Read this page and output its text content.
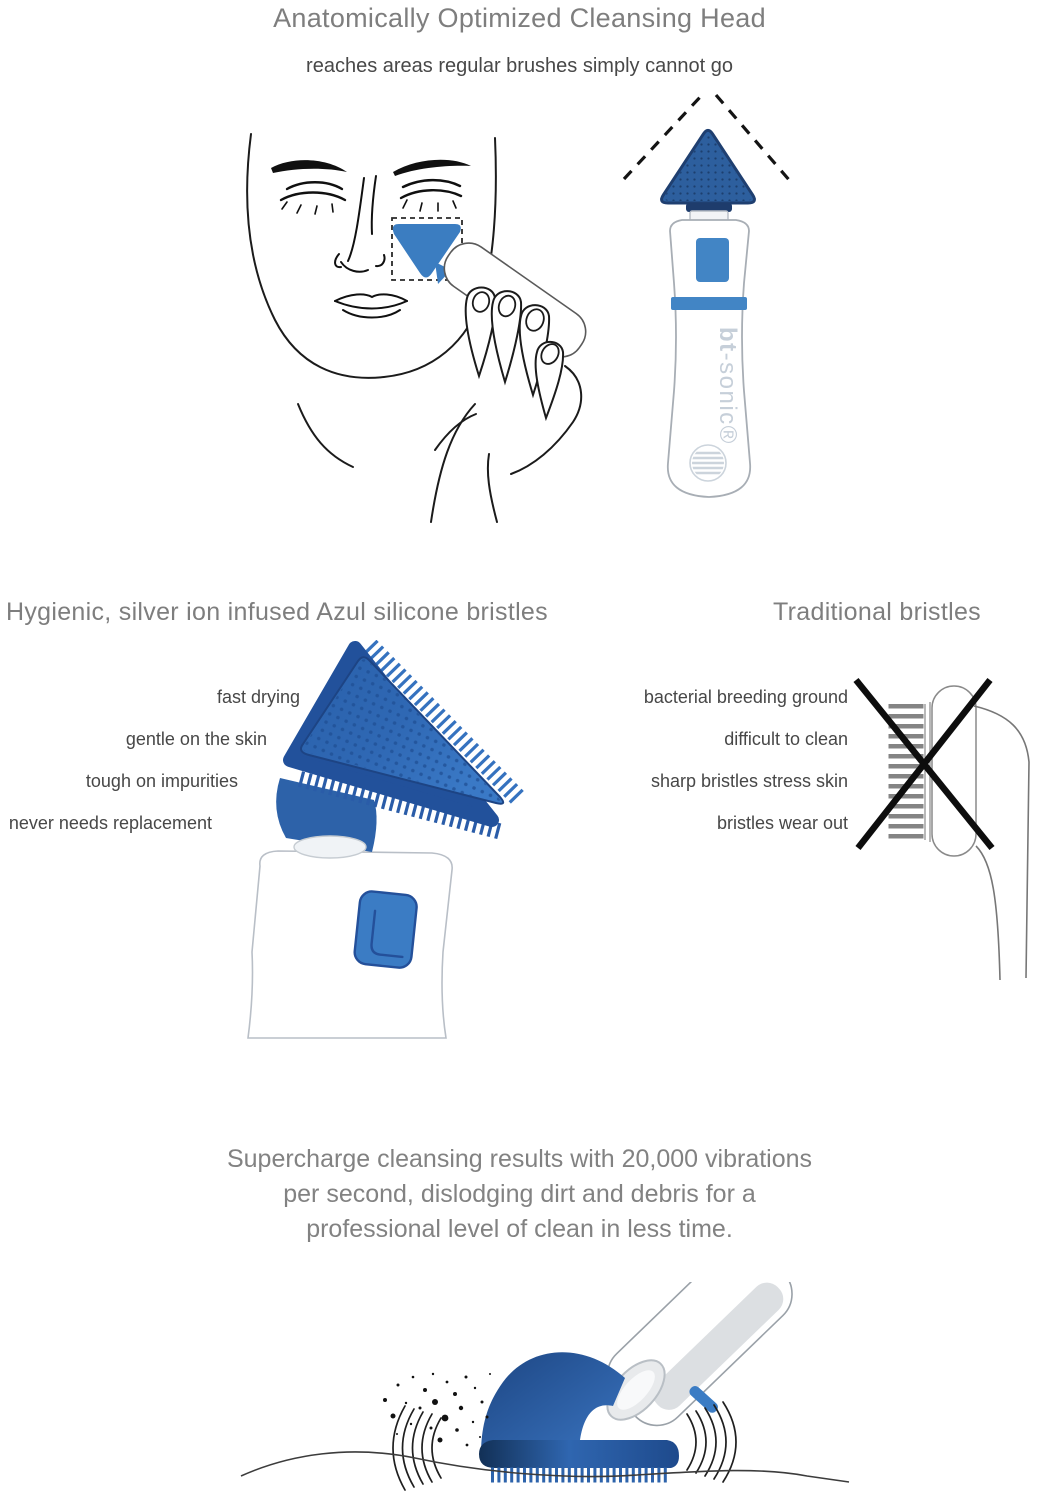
Anatomically Optimized Cleansing Head
reaches areas regular brushes simply cannot go
bt-sonic®
Hygienic, silver ion infused Azul silicone bristles	Traditional bristles
fast drying
gentle on the skin
tough on impurities
never needs replacement
bacterial breeding ground
difficult to clean
sharp bristles stress skin
bristles wear out
Supercharge cleansing results with 20,000 vibrations
per second, dislodging dirt and debris for a
professional level of clean in less time.
